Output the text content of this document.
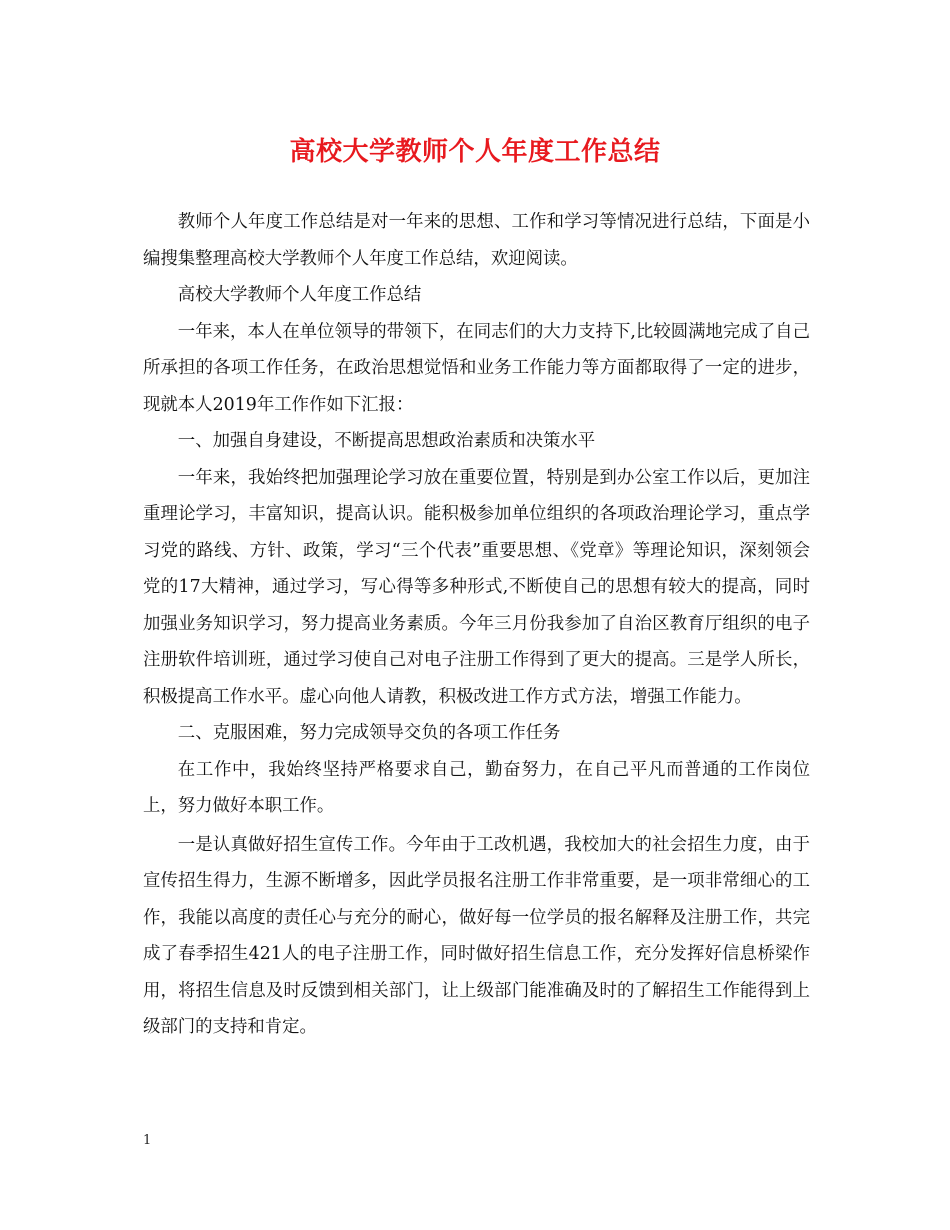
高校大学教师个人年度工作总结

教师个人年度工作总结是对一年来的思想、工作和学习等情况进行总结，下面是小编搜集整理高校大学教师个人年度工作总结，欢迎阅读。

高校大学教师个人年度工作总结

一年来，本人在单位领导的带领下，在同志们的大力支持下,比较圆满地完成了自己所承担的各项工作任务，在政治思想觉悟和业务工作能力等方面都取得了一定的进步，现就本人2019年工作作如下汇报：

一、加强自身建设，不断提高思想政治素质和决策水平

一年来，我始终把加强理论学习放在重要位置，特别是到办公室工作以后，更加注重理论学习，丰富知识，提高认识。能积极参加单位组织的各项政治理论学习，重点学习党的路线、方针、政策，学习“三个代表”重要思想、《党章》等理论知识，深刻领会党的17大精神，通过学习，写心得等多种形式,不断使自己的思想有较大的提高，同时加强业务知识学习，努力提高业务素质。今年三月份我参加了自治区教育厅组织的电子注册软件培训班，通过学习使自己对电子注册工作得到了更大的提高。三是学人所长，积极提高工作水平。虚心向他人请教，积极改进工作方式方法，增强工作能力。

二、克服困难，努力完成领导交负的各项工作任务

在工作中，我始终坚持严格要求自己，勤奋努力，在自己平凡而普通的工作岗位上，努力做好本职工作。

一是认真做好招生宣传工作。今年由于工改机遇，我校加大的社会招生力度，由于宣传招生得力，生源不断增多，因此学员报名注册工作非常重要，是一项非常细心的工作，我能以高度的责任心与充分的耐心，做好每一位学员的报名解释及注册工作，共完成了春季招生421人的电子注册工作，同时做好招生信息工作，充分发挥好信息桥梁作用，将招生信息及时反馈到相关部门，让上级部门能准确及时的了解招生工作能得到上级部门的支持和肯定。

1
